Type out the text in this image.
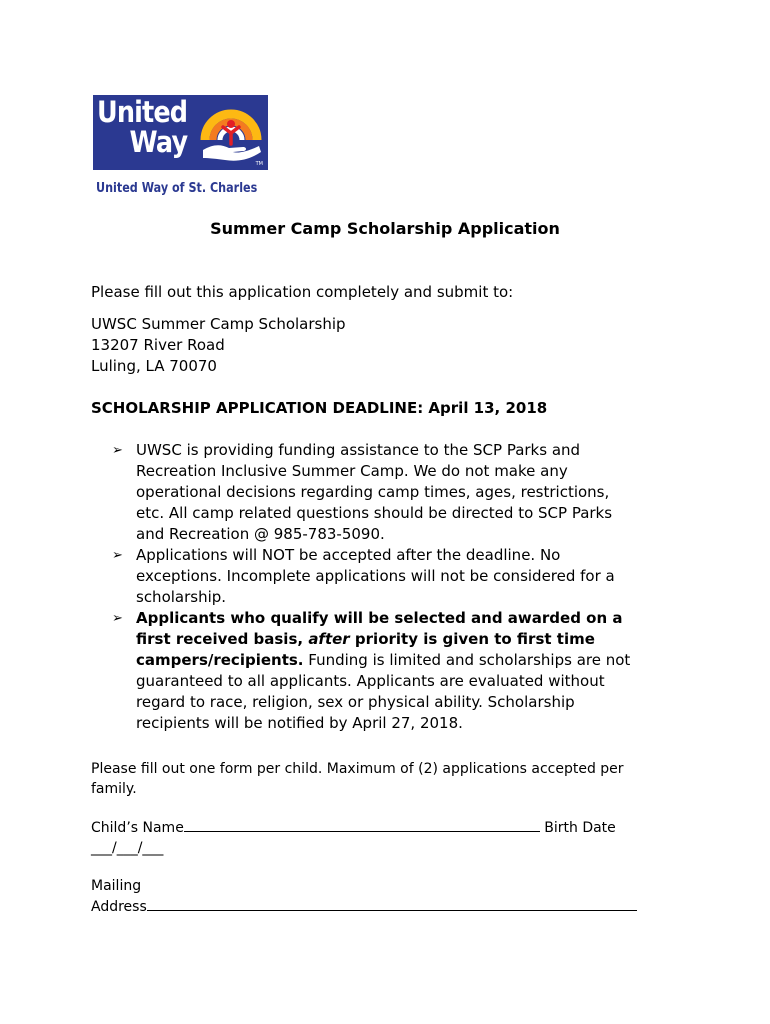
United
Way
TM
United Way of St. Charles
Summer Camp Scholarship Application
Please fill out this application completely and submit to:
UWSC Summer Camp Scholarship
13207 River Road
Luling, LA 70070
SCHOLARSHIP APPLICATION DEADLINE: April 13, 2018
➢ UWSC is providing funding assistance to the SCP Parks and
Recreation Inclusive Summer Camp. We do not make any
operational decisions regarding camp times, ages, restrictions,
etc. All camp related questions should be directed to SCP Parks
and Recreation @ 985-783-5090.
➢ Applications will NOT be accepted after the deadline. No
exceptions. Incomplete applications will not be considered for a
scholarship.
➢ Applicants who qualify will be selected and awarded on a
first received basis, after priority is given to first time
campers/recipients. Funding is limited and scholarships are not
guaranteed to all applicants. Applicants are evaluated without
regard to race, religion, sex or physical ability. Scholarship
recipients will be notified by April 27, 2018.
Please fill out one form per child. Maximum of (2) applications accepted per
family.
Child’s Name	Birth Date
___/___/___
Mailing
Address
